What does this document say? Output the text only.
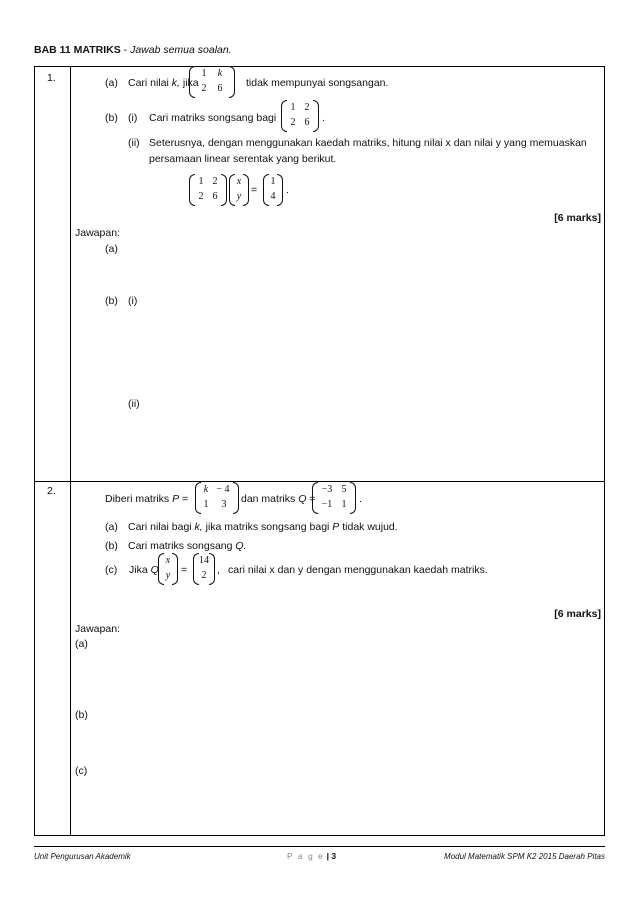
BAB 11 MATRIKS - Jawab semua soalan.
1.	(a) Cari nilai k, jika
1	k
2	6	tidak mempunyai songsangan.
(b) (i) Cari matriks songsang bagi
1 2
2 6	.
(ii) Seterusnya, dengan menggunakan kaedah matriks, hitung nilai x dan nilai y yang memuaskan
persamaan linear serentak yang berikut.
1 2
2 6
x
y
=
1
4
.
[6 marks]
Jawapan:
(a)
(b) (i)
(ii)
2.
Diberi matriks P =
k − 4
1	3	dan matriks Q =
−3 5
−1 1	.
(a) Cari nilai bagi k, jika matriks songsang bagi P tidak wujud.
(b) Cari matriks songsang Q.
(c) Jika Q
x
y	=
14
2	, cari nilai x dan y dengan menggunakan kaedah matriks.
[6 marks]
Jawapan:
(a)
(b)
(c)
Unit Pengurusan Akademik	P a g e | 3	Modul Matematik SPM K2 2015 Daerah Pitas
